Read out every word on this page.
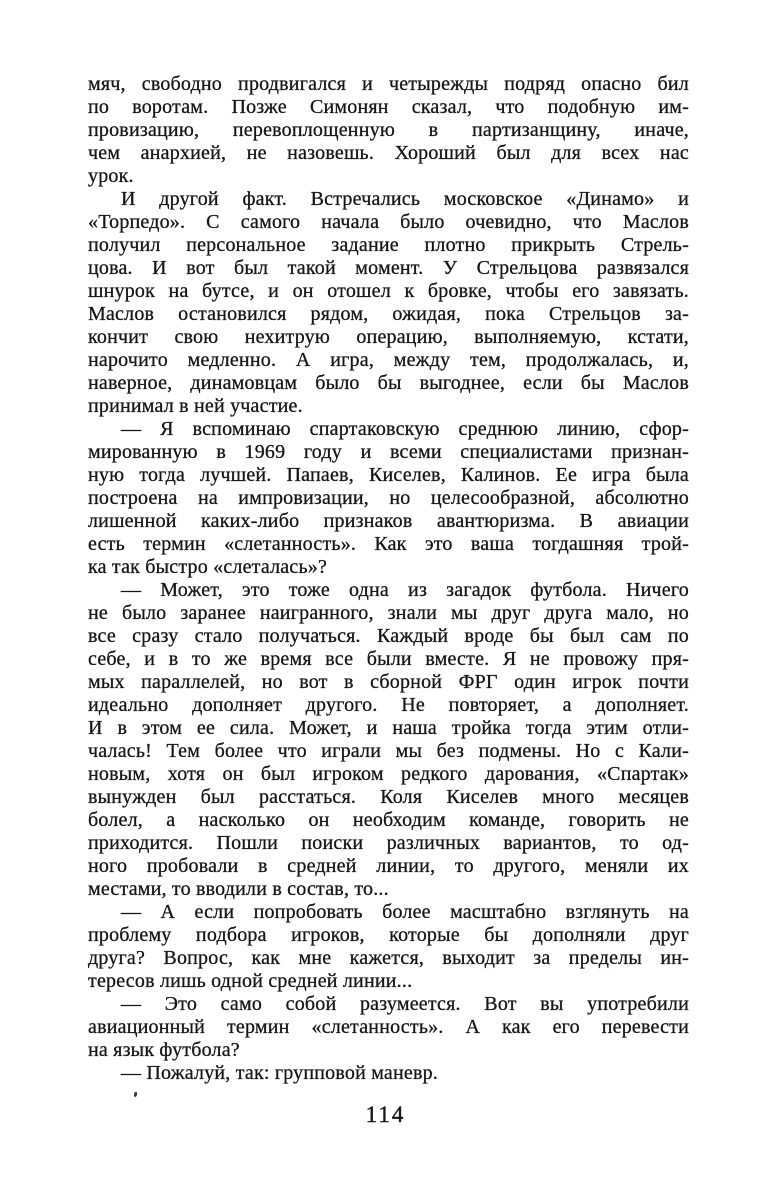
мяч, свободно продвигался и четырежды подряд опасно бил
по воротам. Позже Симонян сказал, что подобную им-
провизацию, перевоплощенную в партизанщину, иначе,
чем анархией, не назовешь. Хороший был для всех нас
урок.

И другой факт. Встречались московское «Динамо» и
«Торпедо». С самого начала было очевидно, что Маслов
получил персональное задание плотно прикрыть Стрель-
цова. И вот был такой момент. У Стрельцова развязался
шнурок на бутсе, и он отошел к бровке, чтобы его завязать.
Маслов остановился рядом, ожидая, пока Стрельцов за-
кончит свою нехитрую операцию, выполняемую, кстати,
нарочито медленно. А игра, между тем, продолжалась, и,
наверное, динамовцам было бы выгоднее, если бы Маслов
принимал в ней участие.

— Я вспоминаю спартаковскую среднюю линию, сфор-
мированную в 1969 году и всеми специалистами признан-
ную тогда лучшей. Папаев, Киселев, Калинов. Ее игра была
построена на импровизации, но целесообразной, абсолютно
лишенной каких-либо признаков авантюризма. В авиации
есть термин «слетанность». Как это ваша тогдашняя трой-
ка так быстро «слеталась»?

— Может, это тоже одна из загадок футбола. Ничего
не было заранее наигранного, знали мы друг друга мало, но
все сразу стало получаться. Каждый вроде бы был сам по
себе, и в то же время все были вместе. Я не провожу пря-
мых параллелей, но вот в сборной ФРГ один игрок почти
идеально дополняет другого. Не повторяет, а дополняет.
И в этом ее сила. Может, и наша тройка тогда этим отли-
чалась! Тем более что играли мы без подмены. Но с Кали-
новым, хотя он был игроком редкого дарования, «Спартак»
вынужден был расстаться. Коля Киселев много месяцев
болел, а насколько он необходим команде, говорить не
приходится. Пошли поиски различных вариантов, то од-
ного пробовали в средней линии, то другого, меняли их
местами, то вводили в состав, то...

— А если попробовать более масштабно взглянуть на
проблему подбора игроков, которые бы дополняли друг
друга? Вопрос, как мне кажется, выходит за пределы ин-
тересов лишь одной средней линии...

— Это само собой разумеется. Вот вы употребили
авиационный термин «слетанность». А как его перевести
на язык футбола?

— Пожалуй, так: групповой маневр.

114
